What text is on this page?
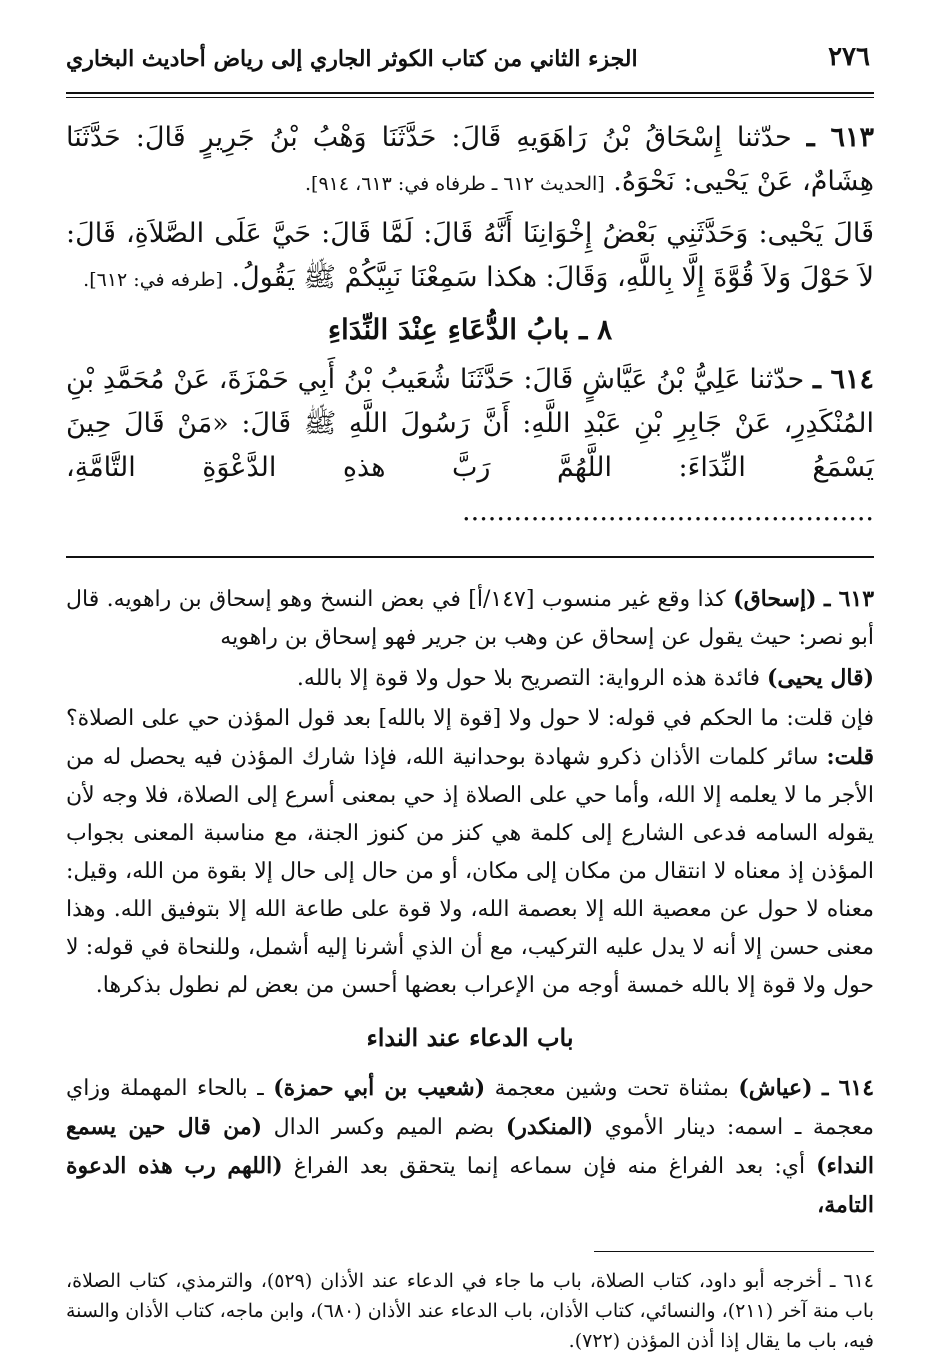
٢٧٦
الجزء الثاني من كتاب الكوثر الجاري إلى رياض أحاديث البخاري

٦١٣ ـ حدّثنا إِسْحَاقُ بْنُ رَاهَوَيهِ قَالَ: حَدَّثَنَا وَهْبُ بْنُ جَرِيرٍ قَالَ: حَدَّثَنَا هِشَامٌ، عَنْ يَحْيى: نَحْوَهُ. [الحديث ٦١٢ ـ طرفاه في: ٦١٣، ٩١٤].

قَالَ يَحْيى: وَحَدَّثَنِي بَعْضُ إِخْوَانِنَا أَنَّهُ قَالَ: لَمَّا قَالَ: حَيَّ عَلَى الصَّلاَةِ، قَالَ: لاَ حَوْلَ وَلاَ قُوَّةَ إِلَّا بِاللَّهِ، وَقَالَ: هكذا سَمِعْنَا نَبِيَّكُمْ ﷺ يَقُولُ. [طرفه في: ٦١٢].

٨ ـ بابُ الدُّعَاءِ عِنْدَ النِّدَاءِ

٦١٤ ـ حدّثنا عَلِيُّ بْنُ عَيَّاشٍ قَالَ: حَدَّثَنَا شُعَيبُ بْنُ أَبِي حَمْزَةَ، عَنْ مُحَمَّدِ بْنِ المُنْكَدِرِ، عَنْ جَابِرِ بْنِ عَبْدِ اللَّهِ: أَنَّ رَسُولَ اللَّهِ ﷺ قَالَ: «مَنْ قَالَ حِينَ يَسْمَعُ النِّدَاءَ: اللَّهُمَّ رَبَّ هذهِ الدَّعْوَةِ التَّامَّةِ، ................................................

٦١٣ ـ (إسحاق) كذا وقع غير منسوب [١٤٧/أ] في بعض النسخ وهو إسحاق بن راهويه. قال أبو نصر: حيث يقول عن إسحاق عن وهب بن جرير فهو إسحاق بن راهويه

(قال يحيى) فائدة هذه الرواية: التصريح بلا حول ولا قوة إلا بالله.

فإن قلت: ما الحكم في قوله: لا حول ولا [قوة إلا بالله] بعد قول المؤذن حي على الصلاة؟ قلت: سائر كلمات الأذان ذكرو شهادة بوحدانية الله، فإذا شارك المؤذن فيه يحصل له من الأجر ما لا يعلمه إلا الله، وأما حي على الصلاة إذ حي بمعنى أسرع إلى الصلاة، فلا وجه لأن يقوله السامه فدعى الشارع إلى كلمة هي كنز من كنوز الجنة، مع مناسبة المعنى بجواب المؤذن إذ معناه لا انتقال من مكان إلى مكان، أو من حال إلى حال إلا بقوة من الله، وقيل: معناه لا حول عن معصية الله إلا بعصمة الله، ولا قوة على طاعة الله إلا بتوفيق الله. وهذا معنى حسن إلا أنه لا يدل عليه التركيب، مع أن الذي أشرنا إليه أشمل، وللنحاة في قوله: لا حول ولا قوة إلا بالله خمسة أوجه من الإعراب بعضها أحسن من بعض لم نطول بذكرها.

باب الدعاء عند النداء

٦١٤ ـ (عياش) بمثناة تحت وشين معجمة (شعيب بن أبي حمزة) ـ بالحاء المهملة وزاي معجمة ـ اسمه: دينار الأموي (المنكدر) بضم الميم وكسر الدال (من قال حين يسمع النداء) أي: بعد الفراغ منه فإن سماعه إنما يتحقق بعد الفراغ (اللهم رب هذه الدعوة التامة،

٦١٤ ـ أخرجه أبو داود، كتاب الصلاة، باب ما جاء في الدعاء عند الأذان (٥٢٩)، والترمذي، كتاب الصلاة، باب منة آخر (٢١١)، والنسائي، كتاب الأذان، باب الدعاء عند الأذان (٦٨٠)، وابن ماجه، كتاب الأذان والسنة فيه، باب ما يقال إذا أذن المؤذن (٧٢٢).
